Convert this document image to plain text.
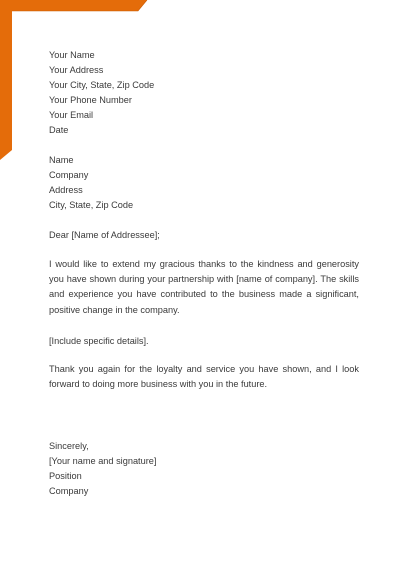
Your Name
Your Address
Your City, State, Zip Code
Your Phone Number
Your Email
Date
Name
Company
Address
City, State, Zip Code
Dear [Name of Addressee];
I would like to extend my gracious thanks to the kindness and generosity you have shown during your partnership with [name of company]. The skills and experience you have contributed to the business made a significant, positive change in the company.
[Include specific details].
Thank you again for the loyalty and service you have shown, and I look forward to doing more business with you in the future.
Sincerely,
[Your name and signature]
Position
Company
